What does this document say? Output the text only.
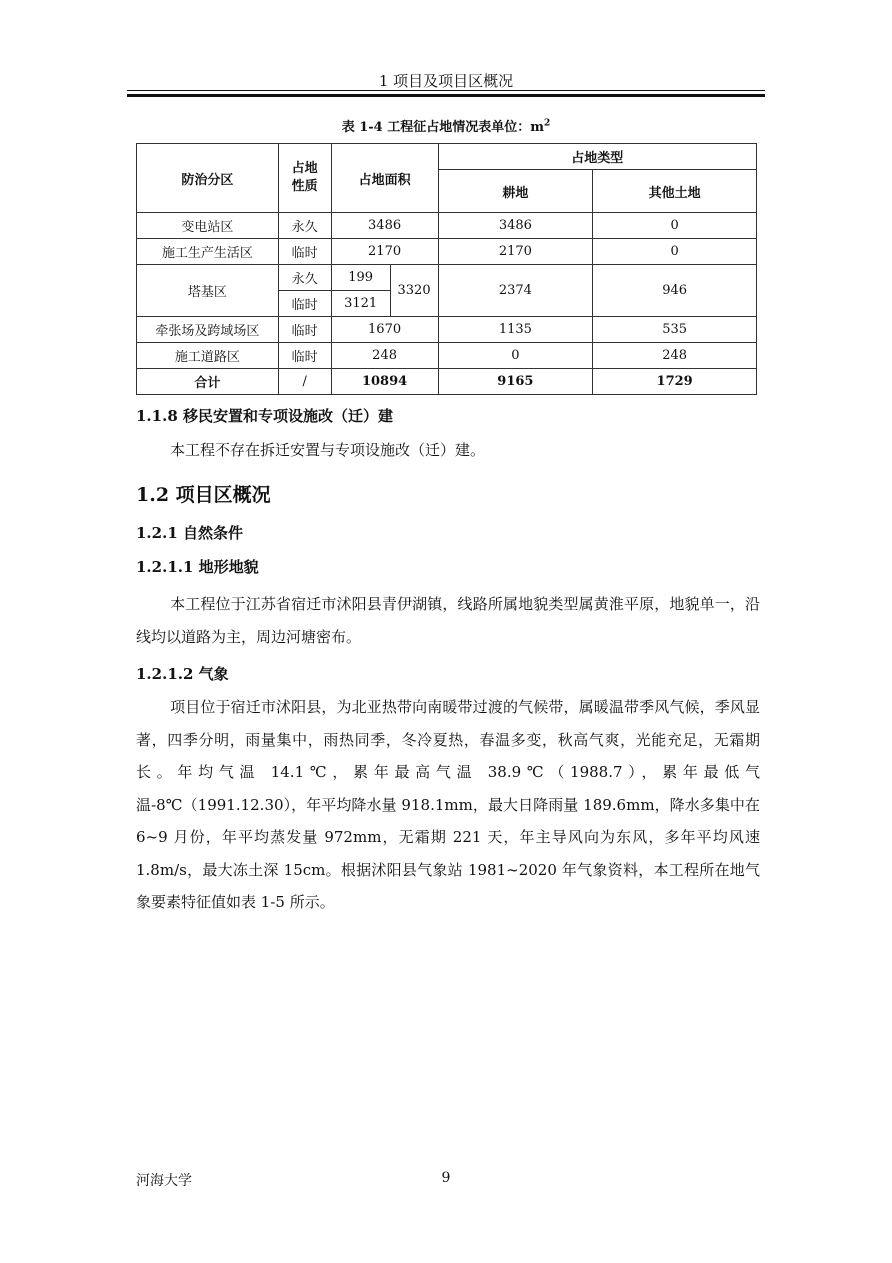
1 项目及项目区概况
表 1-4 工程征占地情况表单位：$m^2$
防治分区	占地性质	占地面积		占地类型	
				耕地	其他土地
变电站区	永久	3486		3486	0
施工生产生活区	临时	2170		2170	0
塔基区	永久	199	3320	2374	946
	临时	3121			
牵张场及跨域场区	临时	1670		1135	535
施工道路区	临时	248		0	248
合计	/	10894		9165	1729
1.1.8 移民安置和专项设施改（迁）建

本工程不存在拆迁安置与专项设施改（迁）建。

1.2 项目区概况
1.2.1 自然条件
1.2.1.1 地形地貌

本工程位于江苏省宿迁市沭阳县青伊湖镇，线路所属地貌类型属黄淮平原，地貌单一，沿线均以道路为主，周边河塘密布。

1.2.1.2 气象

项目位于宿迁市沭阳县，为北亚热带向南暖带过渡的气候带，属暖温带季风气候，季风显著，四季分明，雨量集中，雨热同季，冬冷夏热，春温多变，秋高气爽，光能充足，无霜期长。年均气温 14.1℃，累年最高气温 38.9℃（1988.7），累年最低气温-8℃（1991.12.30），年平均降水量 918.1mm，最大日降雨量 189.6mm，降水多集中在 6~9 月份，年平均蒸发量 972mm，无霜期 221 天，年主导风向为东风，多年平均风速 1.8m/s，最大冻土深 15cm。根据沭阳县气象站 1981~2020 年气象资料，本工程所在地气象要素特征值如表 1-5 所示。

河海大学	9
